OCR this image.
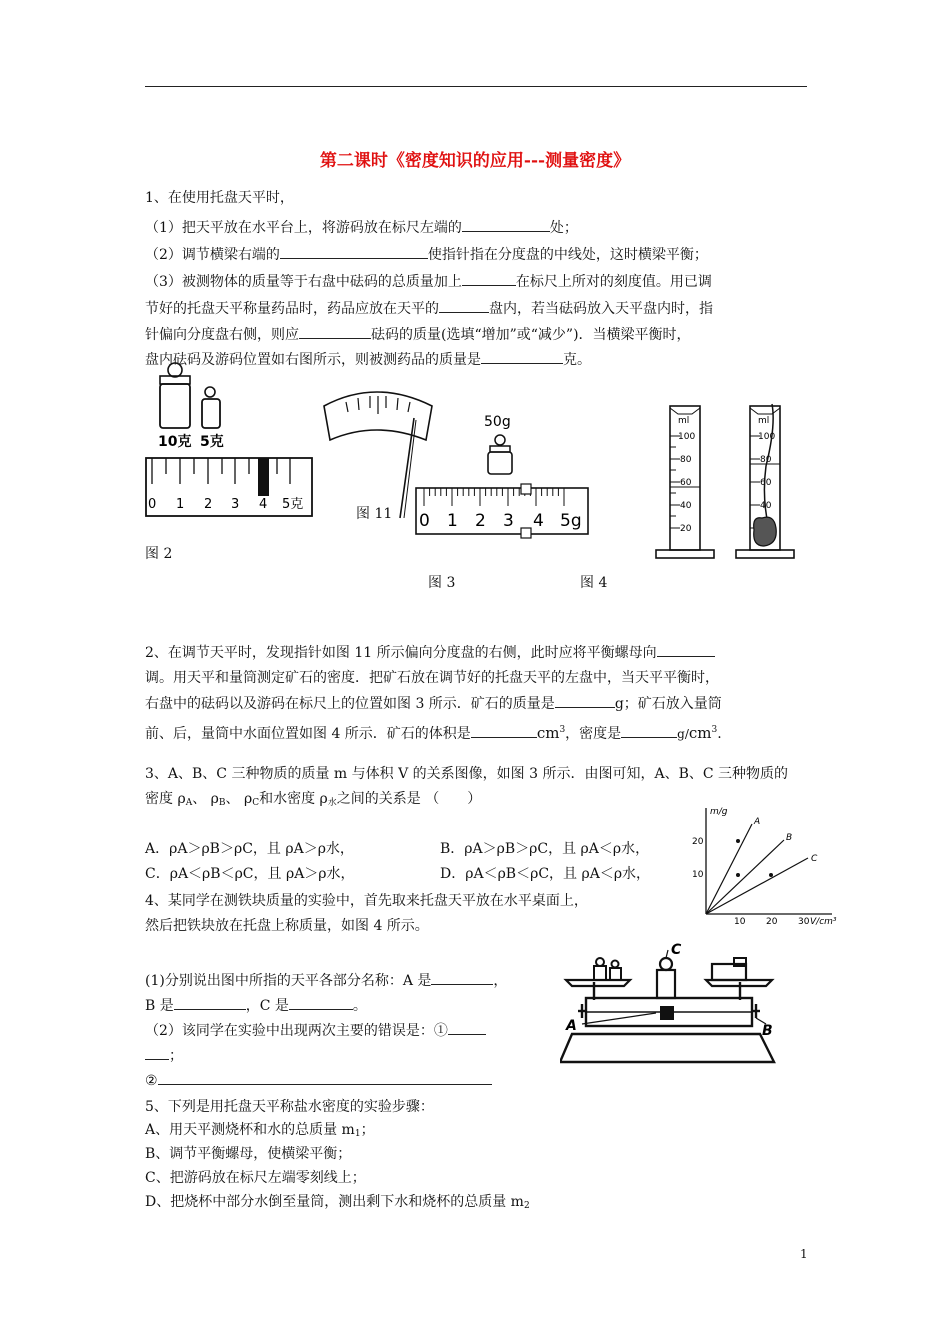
第二课时《密度知识的应用---测量密度》
1、在使用托盘天平时，
（1）把天平放在水平台上，将游码放在标尺左端的	处；
（2）调节横梁右端的	使指针指在分度盘的中线处，这时横梁平衡；
（3）被测物体的质量等于右盘中砝码的总质量加上	在标尺上所对的刻度值。用已调
节好的托盘天平称量药品时，药品应放在天平的	盘内，若当砝码放入天平盘内时，指
针偏向分度盘右侧，则应	砝码的质量(选填“增加”或“减少”)．当横梁平衡时，
盘内砝码及游码位置如右图所示，则被测药品的质量是	克。
10克 5克
0 1 2 3 4 5克
图 2
图 11
50g
0 1 2 3 4 5g
图 3
ml
100
80
60
40
20
ml
100
80
60
40
图 4
2、在调节天平时，发现指针如图 11 所示偏向分度盘的右侧，此时应将平衡螺母向
调。用天平和量筒测定矿石的密度．把矿石放在调节好的托盘天平的左盘中，当天平平衡时，
右盘中的砝码以及游码在标尺上的位置如图 3 所示．矿石的质量是	g；矿石放入量筒
前、后，量筒中水面位置如图 4 所示．矿石的体积是	$cm^3$，密度是	$g/cm^3$.
3、A、B、C 三种物质的质量 m 与体积 V 的关系图像，如图 3 所示．由图可知，A、B、C 三种物质的
密度 $\rho_A$、 $\rho_B$、 $\rho_C$和水密度 $\rho_水$之间的关系是 （　　）
A．ρA＞ρB＞ρC，且 ρA＞ρ水，	B．ρA＞ρB＞ρC，且 ρA＜ρ水，
C．ρA＜ρB＜ρC，且 ρA＞ρ水，	D．ρA＜ρB＜ρC，且 ρA＜ρ水，
m/g
V/cm³
20
10
10 20 30
A
B
C
4、某同学在测铁块质量的实验中，首先取来托盘天平放在水平桌面上，
然后把铁块放在托盘上称质量，如图 4 所示。
(1)分别说出图中所指的天平各部分名称：A 是	，
B 是	，C 是	。
（2）该同学在实验中出现两次主要的错误是：①
；
②
A	B
C
5、下列是用托盘天平称盐水密度的实验步骤：
A、用天平测烧杯和水的总质量 $m_1$；
B、调节平衡螺母，使横梁平衡；
C、把游码放在标尺左端零刻线上；
D、把烧杯中部分水倒至量筒，测出剩下水和烧杯的总质量 $m_2$
1
